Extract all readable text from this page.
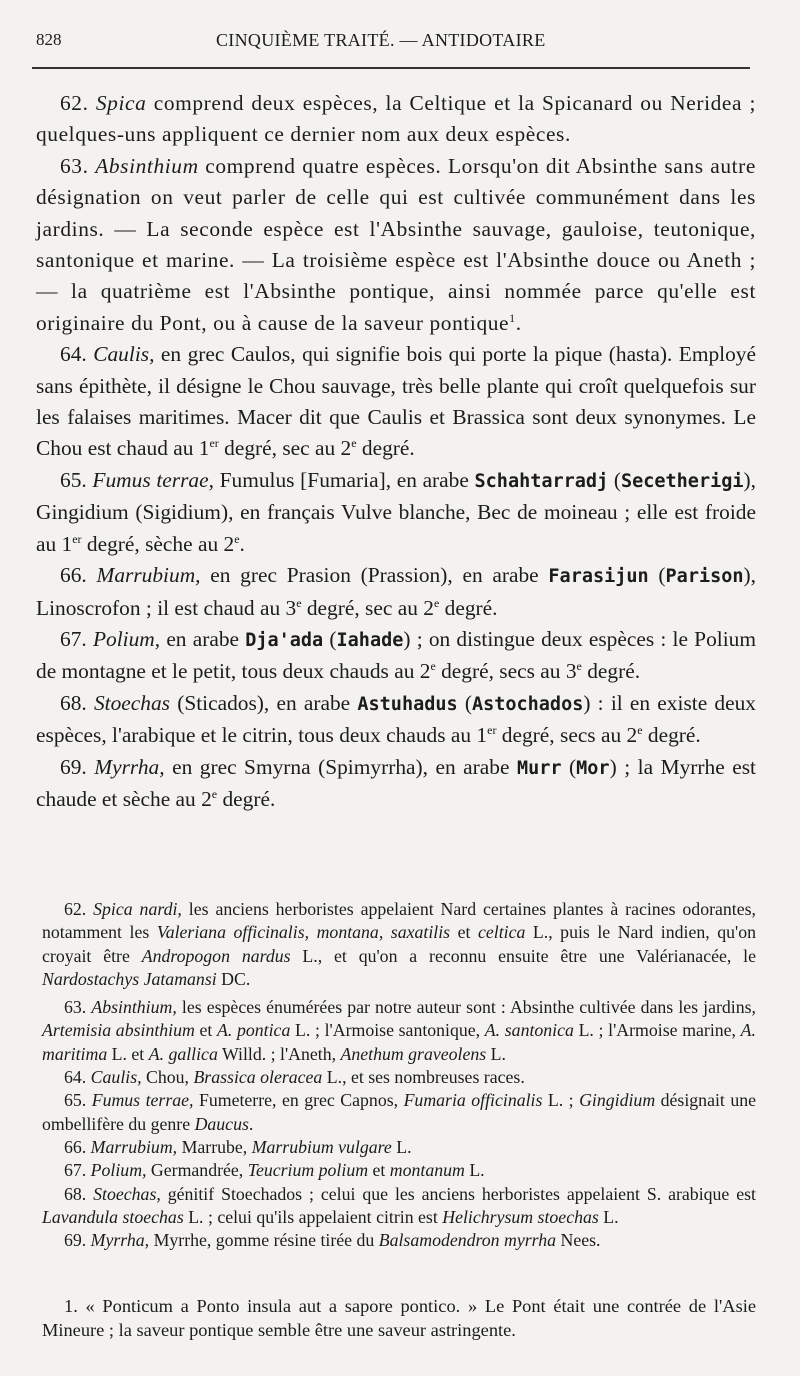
828	CINQUIÈME TRAITÉ. — ANTIDOTAIRE

62. Spica comprend deux espèces, la Celtique et la Spicanard ou Neridea ; quelques-uns appliquent ce dernier nom aux deux espèces.

63. Absinthium comprend quatre espèces. Lorsqu'on dit Absinthe sans autre désignation on veut parler de celle qui est cultivée communément dans les jardins. — La seconde espèce est l'Absinthe sauvage, gauloise, teutonique, santonique et marine. — La troisième espèce est l'Absinthe douce ou Aneth ; — la quatrième est l'Absinthe pontique, ainsi nommée parce qu'elle est originaire du Pont, ou à cause de la saveur pontique$^1$.

64. Caulis, en grec Caulos, qui signifie bois qui porte la pique (hasta). Employé sans épithète, il désigne le Chou sauvage, très belle plante qui croît quelquefois sur les falaises maritimes. Macer dit que Caulis et Brassica sont deux synonymes. Le Chou est chaud au 1er degré, sec au 2e degré.

65. Fumus terrae, Fumulus [Fumaria], en arabe Schahtarradj (Secetherigi), Gingidium (Sigidium), en français Vulve blanche, Bec de moineau ; elle est froide au 1er degré, sèche au 2e.

66. Marrubium, en grec Prasion (Prassion), en arabe Farasijun (Parison), Linoscrofon ; il est chaud au 3e degré, sec au 2e degré.

67. Polium, en arabe Dja'ada (Iahade) ; on distingue deux espèces : le Polium de montagne et le petit, tous deux chauds au 2e degré, secs au 3e degré.

68. Stoechas (Sticados), en arabe Astuhadus (Astochados) : il en existe deux espèces, l'arabique et le citrin, tous deux chauds au 1er degré, secs au 2e degré.

69. Myrrha, en grec Smyrna (Spimyrrha), en arabe Murr (Mor) ; la Myrrhe est chaude et sèche au 2e degré.

62. Spica nardi, les anciens herboristes appelaient Nard certaines plantes à racines odorantes, notamment les Valeriana officinalis, montana, saxatilis et celtica L., puis le Nard indien, qu'on croyait être Andropogon nardus L., et qu'on a reconnu ensuite être une Valérianacée, le Nardostachys Jatamansi DC.

63. Absinthium, les espèces énumérées par notre auteur sont : Absinthe cultivée dans les jardins, Artemisia absinthium et A. pontica L. ; l'Armoise santonique, A. santonica L. ; l'Armoise marine, A. maritima L. et A. gallica Willd. ; l'Aneth, Anethum graveolens L.

64. Caulis, Chou, Brassica oleracea L., et ses nombreuses races.

65. Fumus terrae, Fumeterre, en grec Capnos, Fumaria officinalis L. ; Gingidium désignait une ombellifère du genre Daucus.

66. Marrubium, Marrube, Marrubium vulgare L.

67. Polium, Germandrée, Teucrium polium et montanum L.

68. Stoechas, génitif Stoechados ; celui que les anciens herboristes appelaient S. arabique est Lavandula stoechas L. ; celui qu'ils appelaient citrin est Helichrysum stoechas L.

69. Myrrha, Myrrhe, gomme résine tirée du Balsamodendron myrrha Nees.

1. « Ponticum a Ponto insula aut a sapore pontico. » Le Pont était une contrée de l'Asie Mineure ; la saveur pontique semble être une saveur astringente.
